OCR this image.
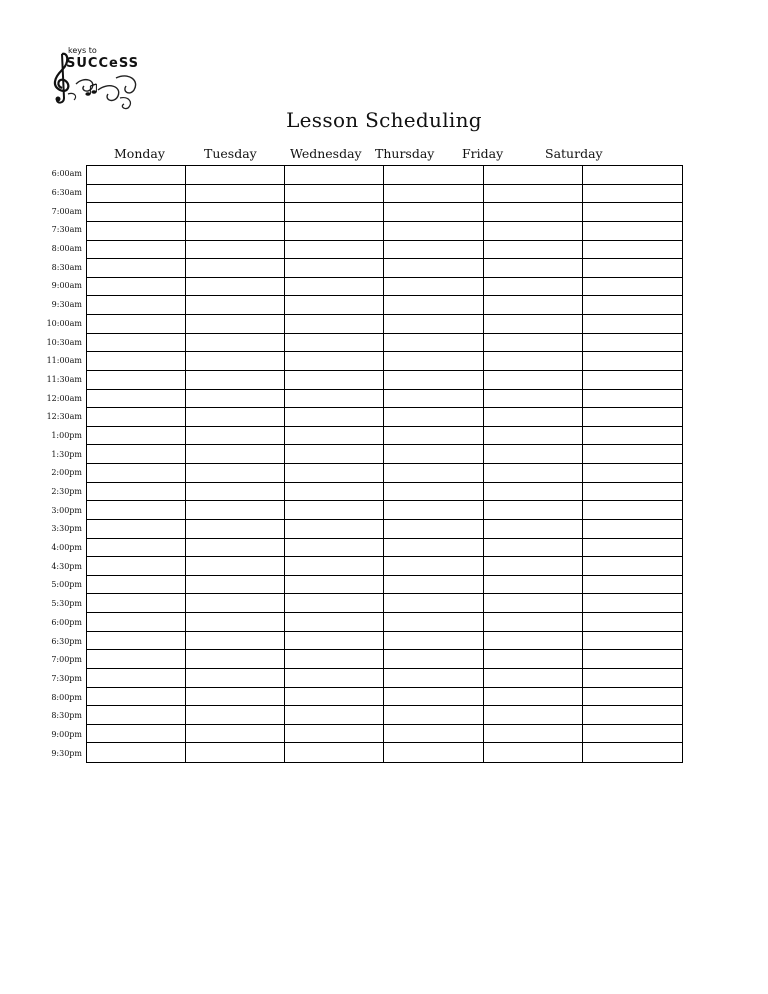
keys to
SUCCeSS
Lesson Scheduling
Monday	Tuesday	Wednesday Thursday Friday	Saturday
6:00am
6:30am
7:00am
7:30am
8:00am
8:30am
9:00am
9:30am
10:00am
10:30am
11:00am
11:30am
12:00am
12:30am
1:00pm
1:30pm
2:00pm
2:30pm
3:00pm
3:30pm
4:00pm
4:30pm
5:00pm
5:30pm
6:00pm
6:30pm
7:00pm
7:30pm
8:00pm
8:30pm
9:00pm
9:30pm
